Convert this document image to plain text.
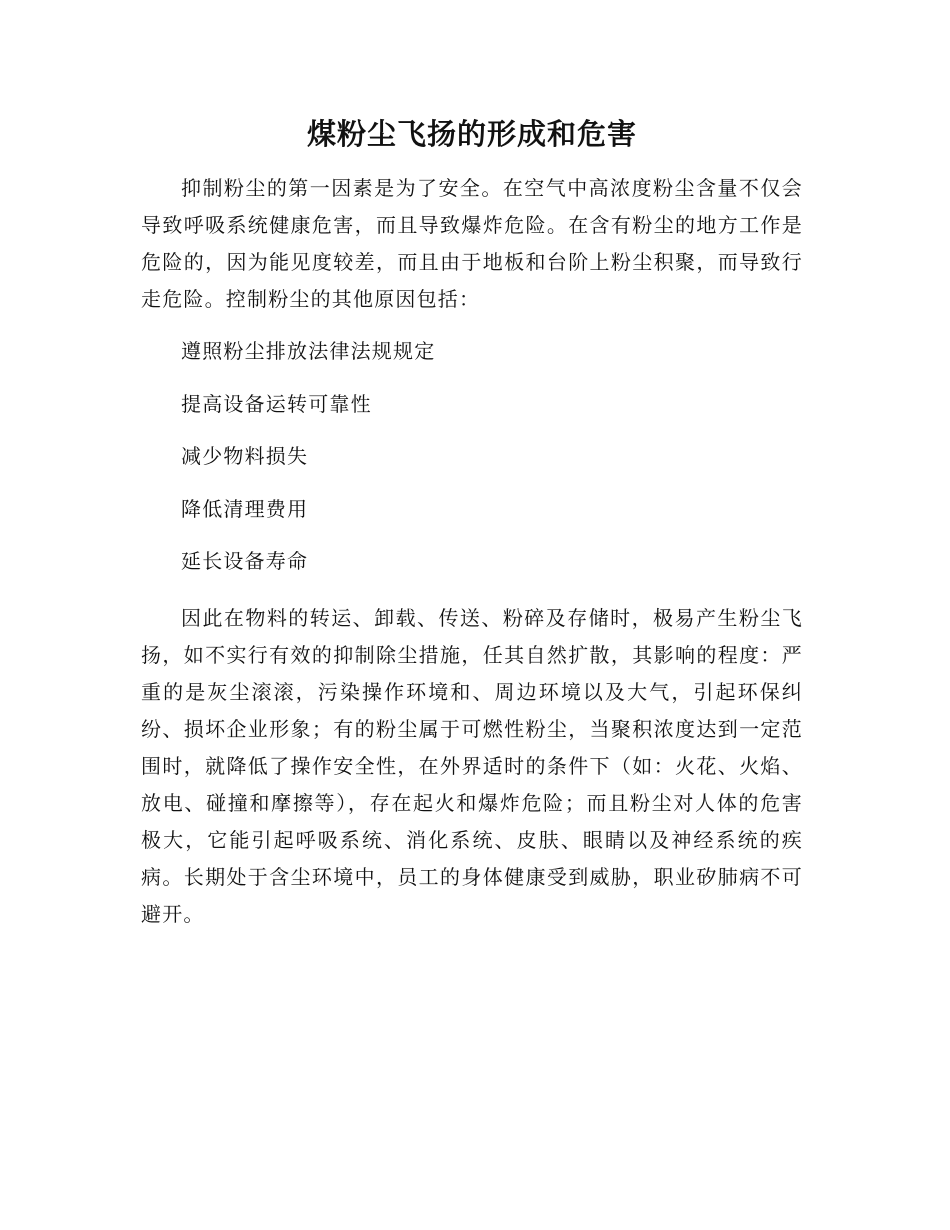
煤粉尘飞扬的形成和危害

抑制粉尘的第一因素是为了安全。在空气中高浓度粉尘含量不仅会导致呼吸系统健康危害，而且导致爆炸危险。在含有粉尘的地方工作是危险的，因为能见度较差，而且由于地板和台阶上粉尘积聚，而导致行走危险。控制粉尘的其他原因包括：

遵照粉尘排放法律法规规定
提高设备运转可靠性
减少物料损失
降低清理费用
延长设备寿命

因此在物料的转运、卸载、传送、粉碎及存储时，极易产生粉尘飞扬，如不实行有效的抑制除尘措施，任其自然扩散，其影响的程度：严重的是灰尘滚滚，污染操作环境和、周边环境以及大气，引起环保纠纷、损坏企业形象；有的粉尘属于可燃性粉尘，当聚积浓度达到一定范围时，就降低了操作安全性，在外界适时的条件下（如：火花、火焰、放电、碰撞和摩擦等），存在起火和爆炸危险；而且粉尘对人体的危害极大，它能引起呼吸系统、消化系统、皮肤、眼睛以及神经系统的疾病。长期处于含尘环境中，员工的身体健康受到威胁，职业矽肺病不可避开。
